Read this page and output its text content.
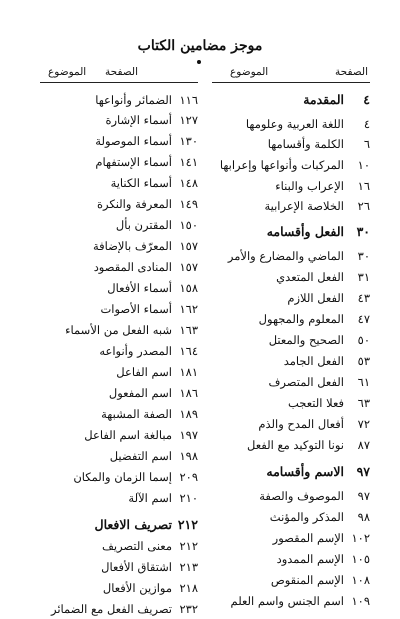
موجز مضامين الكتاب
الصفحة
الموضوع
٤المقدمة
٤اللغة العربية وعلومها
٦الكلمة وأقسامها
١٠المركبات وأنواعها وإعرابها
١٦الإعراب والبناء
٢٦الخلاصة الإعرابية
٣٠الفعل وأقسامه
٣٠الماضي والمضارع والأمر
٣١الفعل المتعدي
٤٣الفعل اللازم
٤٧المعلوم والمجهول
٥٠الصحيح والمعتل
٥٣الفعل الجامد
٦١الفعل المتصرف
٦٣فعلا التعجب
٧٢أفعال المدح والذم
٨٧نونا التوكيد مع الفعل
٩٧الاسم وأقسامه
٩٧الموصوف والصفة
٩٨المذكر والمؤنث
١٠٢الإسم المقصور
١٠٥الإسم الممدود
١٠٨الإسم المنقوص
١٠٩اسم الجنس واسم العلم
الصفحة
الموضوع
١١٦الضمائر وأنواعها
١٢٧أسماء الإشارة
١٣٠أسماء الموصولة
١٤١أسماء الإستفهام
١٤٨أسماء الكناية
١٤٩المعرفة والنكرة
١٥٠المقترن بأل
١٥٧المعرّف بالإضافة
١٥٧المنادى المقصود
١٥٨أسماء الأفعال
١٦٢أسماء الأصوات
١٦٣شبه الفعل من الأسماء
١٦٤المصدر وأنواعه
١٨١اسم الفاعل
١٨٦اسم المفعول
١٨٩الصفة المشبهة
١٩٧مبالغة اسم الفاعل
١٩٨اسم التفضيل
٢٠٩إسما الزمان والمكان
٢١٠اسم الآلة
٢١٢تصريف الافعال
٢١٢معنى التصريف
٢١٣اشتقاق الأفعال
٢١٨موازين الأفعال
٢٣٢تصريف الفعل مع الضمائر
